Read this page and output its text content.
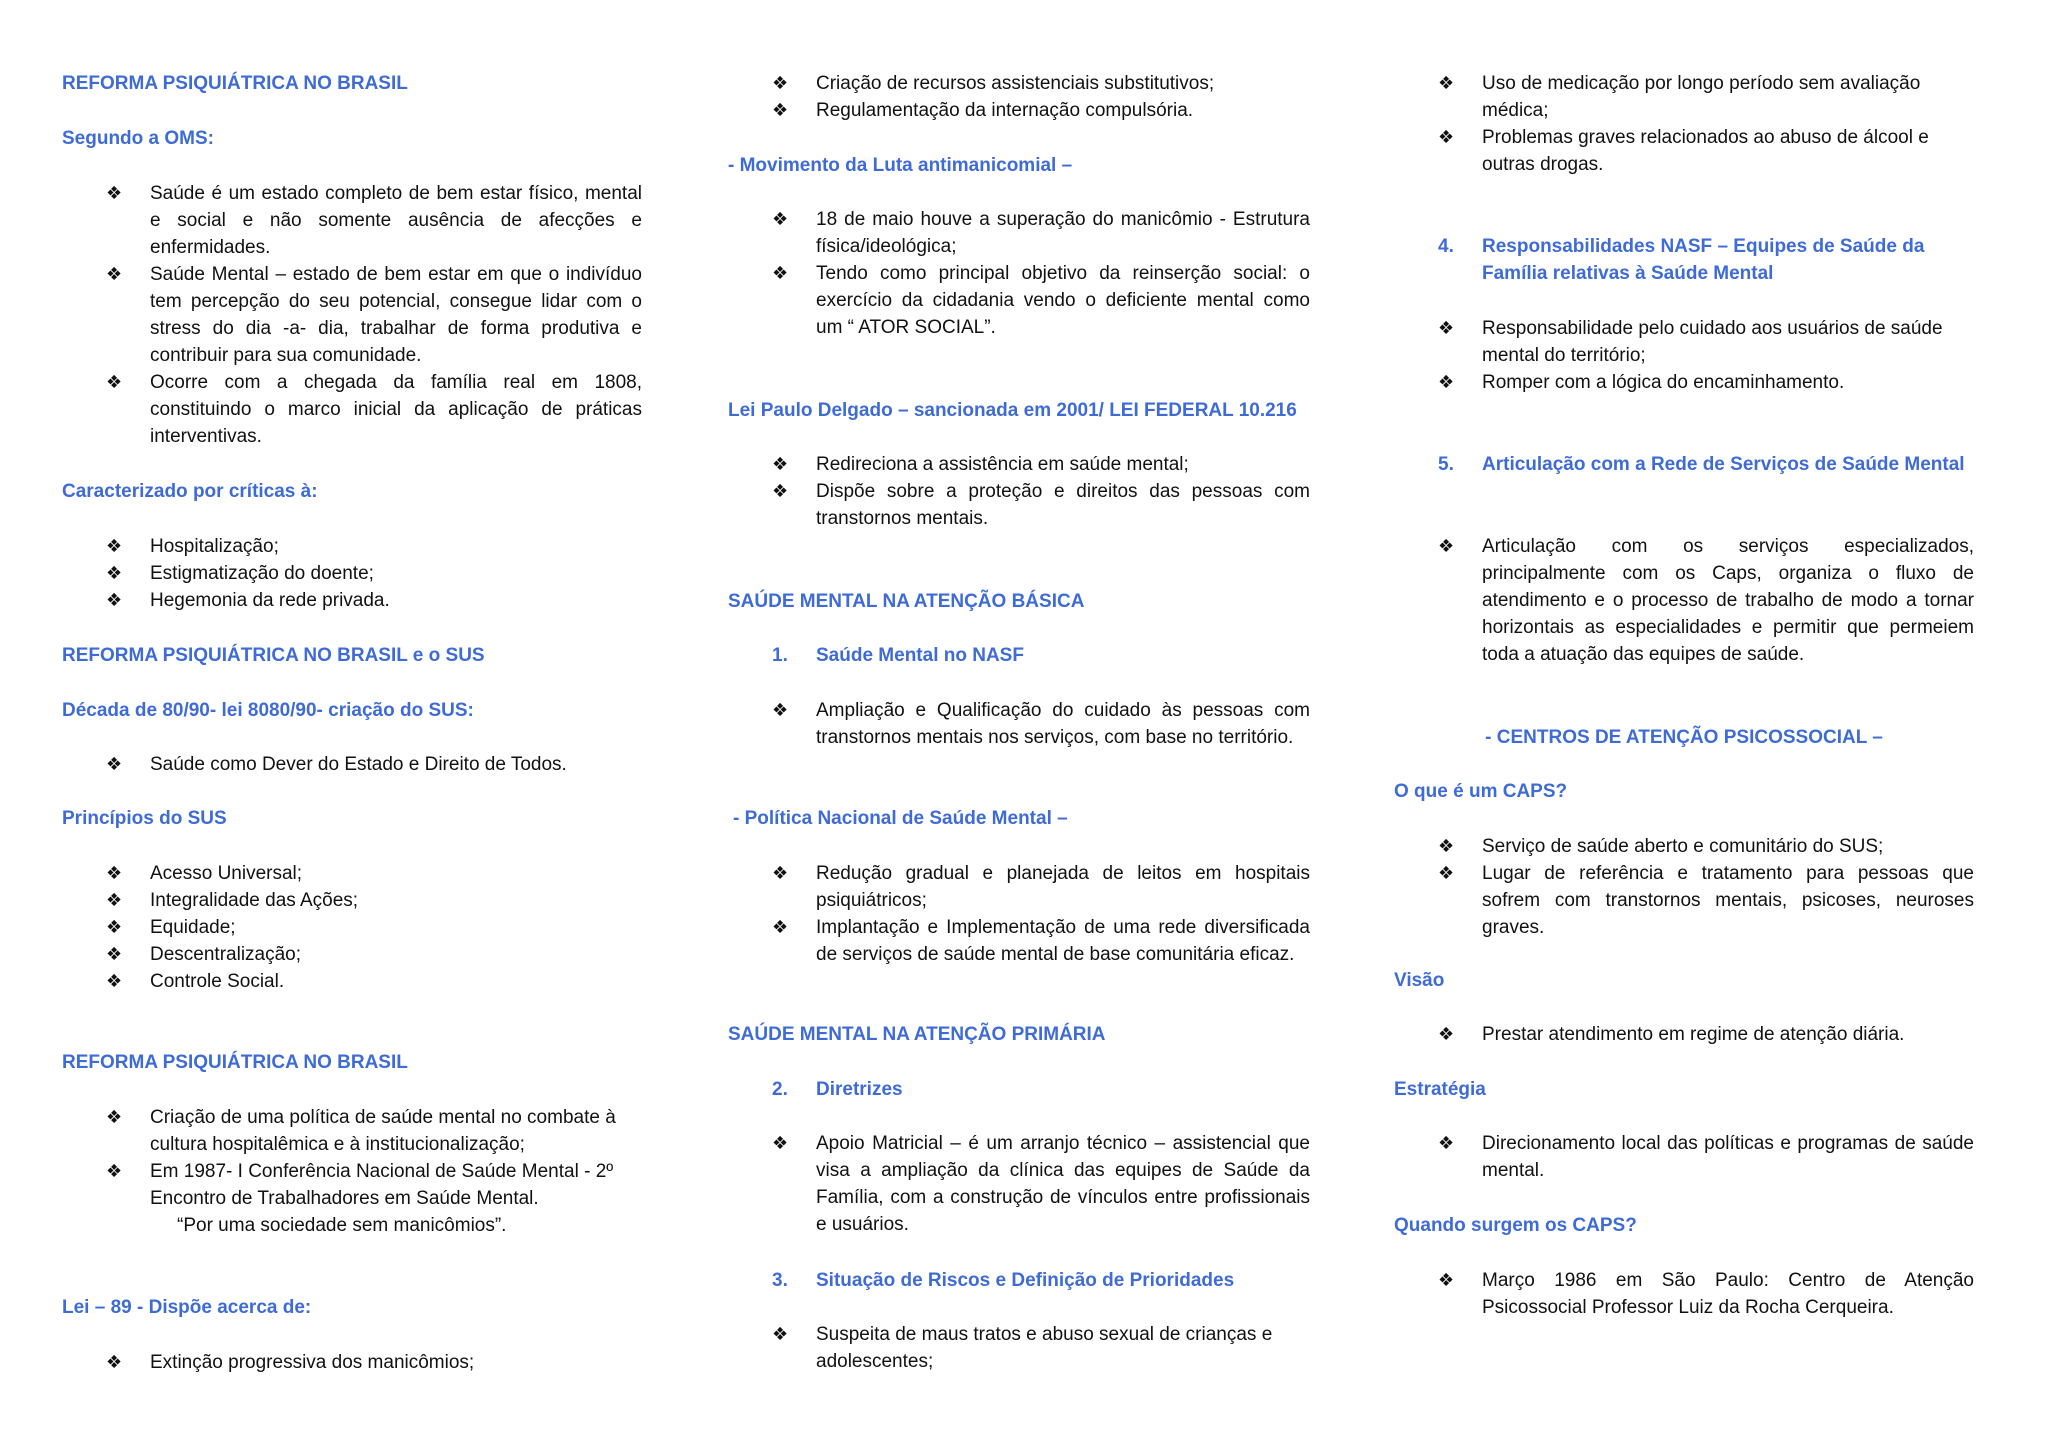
REFORMA PSIQUIÁTRICA NO BRASIL
Segundo a OMS:
❖ Saúde é um estado completo de bem estar físico, mental e social e não somente ausência de afecções e enfermidades.
❖ Saúde Mental – estado de bem estar em que o indivíduo tem percepção do seu potencial, consegue lidar com o stress do dia -a- dia, trabalhar de forma produtiva e contribuir para sua comunidade.
❖ Ocorre com a chegada da família real em 1808, constituindo o marco inicial da aplicação de práticas interventivas.
Caracterizado por críticas à:
❖ Hospitalização;
❖ Estigmatização do doente;
❖ Hegemonia da rede privada.
REFORMA PSIQUIÁTRICA NO BRASIL e o SUS
Década de 80/90- lei 8080/90- criação do SUS:
❖ Saúde como Dever do Estado e Direito de Todos.
Princípios do SUS
❖ Acesso Universal;
❖ Integralidade das Ações;
❖ Equidade;
❖ Descentralização;
❖ Controle Social.
REFORMA PSIQUIÁTRICA NO BRASIL
❖ Criação de uma política de saúde mental no combate à cultura hospitalêmica e à institucionalização;
❖ Em 1987- I Conferência Nacional de Saúde Mental - 2º Encontro de Trabalhadores em Saúde Mental.
“Por uma sociedade sem manicômios”.
Lei – 89 - Dispõe acerca de:
❖ Extinção progressiva dos manicômios;
❖ Criação de recursos assistenciais substitutivos;
❖ Regulamentação da internação compulsória.
- Movimento da Luta antimanicomial –
❖ 18 de maio houve a superação do manicômio - Estrutura física/ideológica;
❖ Tendo como principal objetivo da reinserção social: o exercício da cidadania vendo o deficiente mental como um “ ATOR SOCIAL”.
Lei Paulo Delgado – sancionada em 2001/ LEI FEDERAL 10.216
❖ Redireciona a assistência em saúde mental;
❖ Dispõe sobre a proteção e direitos das pessoas com transtornos mentais.
SAÚDE MENTAL NA ATENÇÃO BÁSICA
1. Saúde Mental no NASF
❖ Ampliação e Qualificação do cuidado às pessoas com transtornos mentais nos serviços, com base no território.
- Política Nacional de Saúde Mental –
❖ Redução gradual e planejada de leitos em hospitais psiquiátricos;
❖ Implantação e Implementação de uma rede diversificada de serviços de saúde mental de base comunitária eficaz.
SAÚDE MENTAL NA ATENÇÃO PRIMÁRIA
2. Diretrizes
❖ Apoio Matricial – é um arranjo técnico – assistencial que visa a ampliação da clínica das equipes de Saúde da Família, com a construção de vínculos entre profissionais e usuários.
3. Situação de Riscos e Definição de Prioridades
❖ Suspeita de maus tratos e abuso sexual de crianças e adolescentes;
❖ Uso de medicação por longo período sem avaliação médica;
❖ Problemas graves relacionados ao abuso de álcool e outras drogas.
4. Responsabilidades NASF – Equipes de Saúde da
Família relativas à Saúde Mental
❖ Responsabilidade pelo cuidado aos usuários de saúde mental do território;
❖ Romper com a lógica do encaminhamento.
5. Articulação com a Rede de Serviços de Saúde Mental
❖ Articulação com os serviços especializados, principalmente com os Caps, organiza o fluxo de atendimento e o processo de trabalho de modo a tornar horizontais as especialidades e permitir que permeiem toda a atuação das equipes de saúde.
- CENTROS DE ATENÇÃO PSICOSSOCIAL –
O que é um CAPS?
❖ Serviço de saúde aberto e comunitário do SUS;
❖ Lugar de referência e tratamento para pessoas que sofrem com transtornos mentais, psicoses, neuroses graves.
Visão
❖ Prestar atendimento em regime de atenção diária.
Estratégia
❖ Direcionamento local das políticas e programas de saúde mental.
Quando surgem os CAPS?
❖ Março 1986 em São Paulo: Centro de Atenção Psicossocial Professor Luiz da Rocha Cerqueira.
